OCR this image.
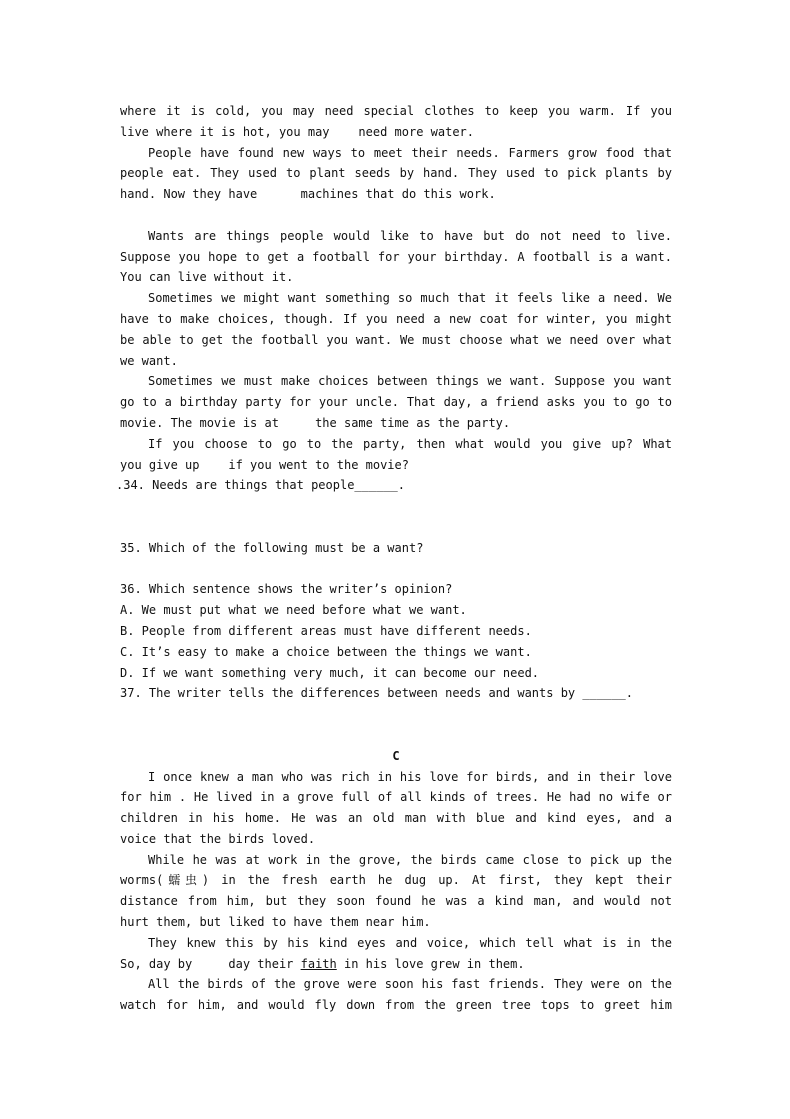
where it is cold, you may need special clothes to keep you warm. If you
live where it is hot, you may    need more water.
People have found new ways to meet their needs. Farmers grow food that
people eat. They used to plant seeds by hand. They used to pick plants by
hand. Now they have      machines that do this work.

Wants are things people would like to have but do not need to live.
Suppose you hope to get a football for your birthday. A football is a want.
You can live without it.
Sometimes we might want something so much that it feels like a need. We
have to make choices, though. If you need a new coat for winter, you might
be able to get the football you want. We must choose what we need over what
we want.
Sometimes we must make choices between things we want. Suppose you want
go to a birthday party for your uncle. That day, a friend asks you to go to
movie. The movie is at     the same time as the party.
If you choose to go to the party, then what would you give up? What
you give up    if you went to the movie?
.34. Needs are things that people______.

35. Which of the following must be a want?

36. Which sentence shows the writer’s opinion?
A. We must put what we need before what we want.
B. People from different areas must have different needs.
C. It’s easy to make a choice between the things we want.
D. If we want something very much, it can become our need.
37. The writer tells the differences between needs and wants by ______.

C
I once knew a man who was rich in his love for birds, and in their love
for him . He lived in a grove full of all kinds of trees. He had no wife or
children in his home. He was an old man with blue and kind eyes, and a
voice that the birds loved.
While he was at work in the grove, the birds came close to pick up the
worms(蠕虫) in the fresh earth he dug up. At first, they kept their
distance from him, but they soon found he was a kind man, and would not
hurt them, but liked to have them near him.
They knew this by his kind eyes and voice, which tell what is in the
So, day by     day their faith in his love grew in them.
All the birds of the grove were soon his fast friends. They were on the
watch for him, and would fly down from the green tree tops to greet him
